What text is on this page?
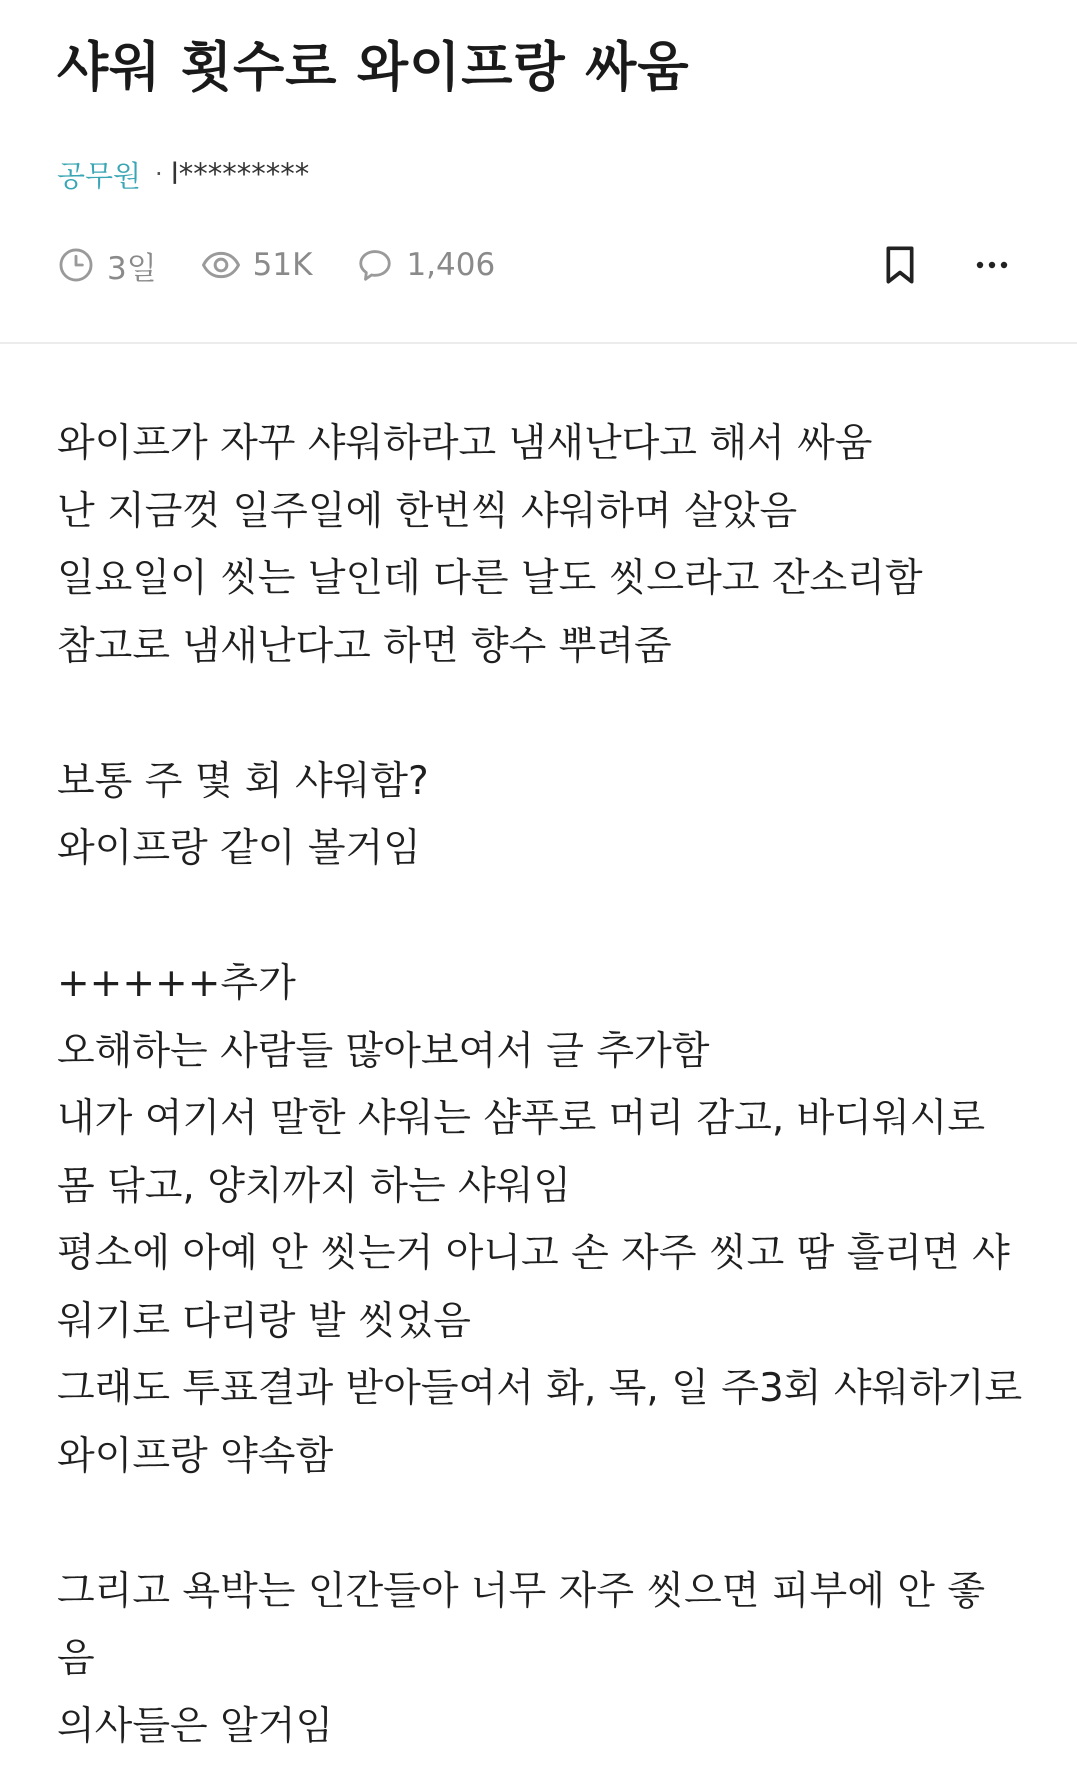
샤워 횟수로 와이프랑 싸움
공무원 · l*********
3일	51K	1,406
와이프가 자꾸 샤워하라고 냄새난다고 해서 싸움
난 지금껏 일주일에 한번씩 샤워하며 살았음
일요일이 씻는 날인데 다른 날도 씻으라고 잔소리함
참고로 냄새난다고 하면 향수 뿌려줌
보통 주 몇 회 샤워함?
와이프랑 같이 볼거임
+++++추가
오해하는 사람들 많아보여서 글 추가함
내가 여기서 말한 샤워는 샴푸로 머리 감고, 바디워시로
몸 닦고, 양치까지 하는 샤워임
평소에 아예 안 씻는거 아니고 손 자주 씻고 땀 흘리면 샤
워기로 다리랑 발 씻었음
그래도 투표결과 받아들여서 화, 목, 일 주3회 샤워하기로
와이프랑 약속함
그리고 욕박는 인간들아 너무 자주 씻으면 피부에 안 좋
음
의사들은 알거임
